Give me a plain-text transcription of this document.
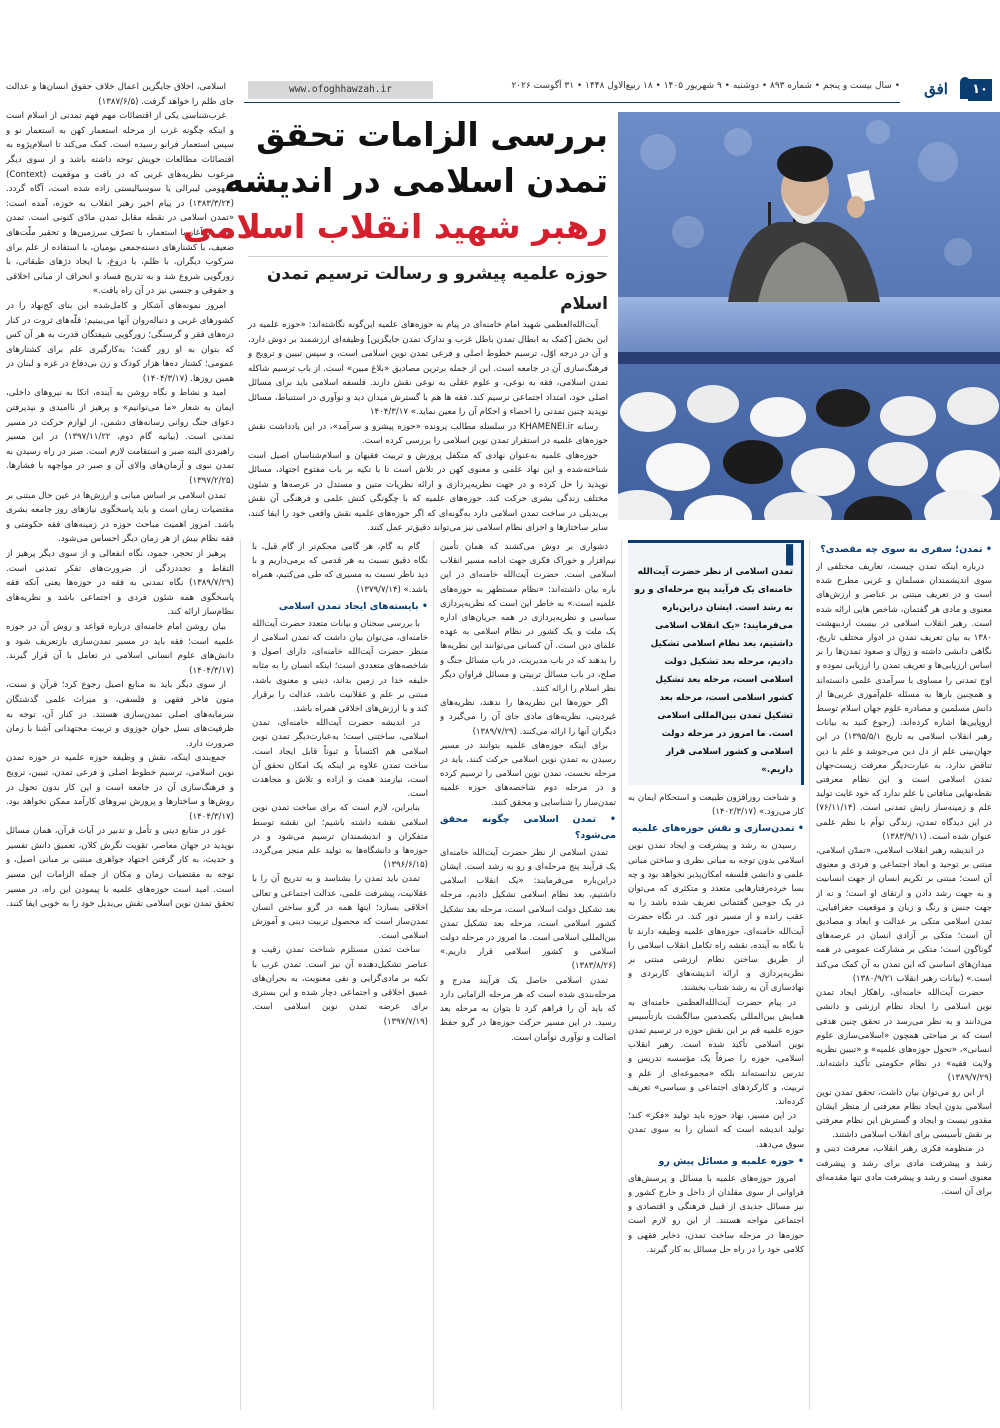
۱۰
افق
• سال بیست و پنجم • شماره ۸۹۳ • دوشنبه • ۹ شهریور ۱۴۰۵ • ۱۸ ربیع‌الاول ۱۴۴۸ • ۳۱ آگوست ۲۰۲۶
www.ofoghhawzah.ir

اسلامی، اخلاق جایگزین اعمال خلاف حقوق انسان‌ها و عدالت جای ظلم را خواهد گرفت. (۱۳۸۷/۶/۵)

غرب‌شناسی یکی از اقتضائات مهم فهم تمدنی از اسلام است و اینکه چگونه غرب از مرحله استعمار کهن به استعمار نو و سپس استعمار فرانو رسیده است. کمک می‌کند تا اسلام‌پژوه به اقتضائات مطالعات خویش توجه داشته باشد و از سوی دیگر مرغوب نظریه‌های غربی که در بافت و موقعیت (Context) مفهومی لیبرالی یا سوسیالیستی زاده شده است، آگاه گردد. (۱۳۸۳/۳/۲۴) در پیام اخیر رهبر انقلاب به حوزه، آمده است: «تمدن اسلامی در نقطه مقابل تمدن مادّی کنونی است. تمدن مادّی از آغاز با استعمار، با تصرّف سرزمین‌ها و تحقیر ملّت‌های ضعیف، با کشتارهای دسته‌جمعی بومیان، با استفاده از علم برای سرکوب دیگران، با ظلم، با دروغ، با ایجاد دژهای طبقاتی، با زورگویی شروع شد و به تدریج فساد و انحراف از مبانی اخلاقی و حقوقی و جنسی نیز در آن راه یافت.»

امروز نمونه‌های آشکار و کامل‌شده این بنای کج‌نهاد را در کشورهای غربی و دنباله‌روان آنها می‌بینیم: قلّه‌های ثروت در کنار دره‌های فقر و گرسنگی؛ زورگویی شیفتگان قدرت به هر آن کس که بتوان به او زور گفت؛ به‌کارگیری علم برای کشتارهای عمومی؛ کشتار ده‌ها هزار کودک و زن بی‌دفاع در غزه و لبنان در همین روزها. (۱۴۰۴/۳/۱۷)

امید و نشاط و نگاه روشن به آینده، اتکا به نیروهای داخلی، ایمان به شعار «ما می‌توانیم» و پرهیز از ناامیدی و نپذیرفتن دعوای جنگ روانی رسانه‌های دشمن، از لوازم حرکت در مسیر تمدنی است. (بیانیه گام دوم، ۱۳۹۷/۱۱/۲۲) در این مسیر راهبردی البته صبر و استقامت لازم است. صبر در راه رسیدن به تمدن نبوی و آرمان‌های والای آن و صبر در مواجهه با فشارها. (۱۳۹۷/۲/۲۵)

تمدن اسلامی بر اساس مبانی و ارزش‌ها در عین حال مبتنی بر مقتضیات زمان است و باید پاسخگوی نیازهای روز جامعه بشری باشد. امروز اهمیت مباحث حوزه در زمینه‌های فقه حکومتی و فقه نظام بیش از هر زمان دیگر احساس می‌شود.

پرهیز از تحجر، جمود، نگاه انفعالی و از سوی دیگر پرهیز از التقاط و تجددزدگی از ضرورت‌های تفکر تمدنی است. (۱۳۸۹/۷/۲۹) نگاه تمدنی به فقه در حوزه‌ها یعنی آنکه فقه پاسخگوی همه شئون فردی و اجتماعی باشد و نظریه‌های نظام‌ساز ارائه کند.

بیان روشن امام خامنه‌ای درباره قواعد و روش آن در حوزه علمیه است؛ فقه باید در مسیر تمدن‌سازی بازتعریف شود و دانش‌های علوم انسانی اسلامی در تعامل با آن قرار گیرند. (۱۴۰۴/۳/۱۷)

از سوی دیگر باید به منابع اصیل رجوع کرد؛ قرآن و سنت، متون فاخر فقهی و فلسفی، و میراث علمی گذشتگان سرمایه‌های اصلی تمدن‌سازی هستند. در کنار آن، توجه به ظرفیت‌های نسل جوان حوزوی و تربیت مجتهدانی آشنا با زمان ضرورت دارد.

جمع‌بندی اینکه، نقش و وظیفه حوزه علمیه در حوزه تمدن نوین اسلامی، ترسیم خطوط اصلی و فرعی تمدن، تبیین، ترویج و فرهنگ‌سازی آن در جامعه است و این کار بدون تحول در روش‌ها و ساختارها و پرورش نیروهای کارآمد ممکن نخواهد بود. (۱۴۰۴/۳/۱۷)

غور در منابع دینی و تأمل و تدبیر در آیات قرآن، همان مسائل نوپدید در جهان معاصر، تقویت نگرش کلان، تعمیق دانش تفسیر و حدیث، به کار گرفتن اجتهاد جواهری مبتنی بر مبانی اصیل، و توجه به مقتضیات زمان و مکان از جمله الزامات این مسیر است. امید است حوزه‌های علمیه با پیمودن این راه، در مسیر تحقق تمدن نوین اسلامی نقش بی‌بدیل خود را به خوبی ایفا کنند.

بررسی الزامات تحقق
تمدن اسلامی در اندیشه
رهبر شهید انقلاب اسلامی
حوزه علمیه پیشرو و رسالت ترسیم تمدن اسلام

آیت‌الله‌العظمی شهید امام خامنه‌ای در پیام به حوزه‌های علمیه این‌گونه نگاشته‌اند: «حوزه علمیه در این بخش [کمک به ابطال تمدن باطل غرب و تدارک تمدن جایگزین] وظیفه‌ای ارزشمند بر دوش دارد، و آن در درجه اوّل، ترسیم خطوط اصلی و فرعی تمدن نوین اسلامی است، و سپس تبیین و ترویج و فرهنگ‌سازی آن در جامعه است. این از جمله برترین مصادیق «بلاغ مبین» است. از باب ترسیم شاکله تمدن اسلامی، فقه به نوعی، و علوم عقلی به نوعی نقش دارند. فلسفه اسلامی باید برای مسائل اصلی خود، امتداد اجتماعی ترسیم کند. فقه ها هم با گسترش میدان دید و نوآوری در استنباط، مسائل نوپدید چنین تمدنی را احصاء و احکام آن را معین نماید.» ۱۴۰۴/۳/۱۷

رسانه KHAMENEI.ir در سلسله مطالب پرونده «حوزه پیشرو و سرآمد»، در این یادداشت نقش حوزه‌های علمیه در استقرار تمدن نوین اسلامی را بررسی کرده است.

حوزه‌های علمیه به‌عنوان نهادی که متکفل پرورش و تربیت فقیهان و اسلام‌شناسان اصیل است شناخته‌شده و این نهاد علمی و معنوی کهن در تلاش است تا با تکیه بر باب مفتوح اجتهاد، مسائل نوپدید را حل کرده و در جهت نظریه‌پردازی و ارائه نظریات متین و مستدل در عرصه‌ها و شئون مختلف زندگی بشری حرکت کند. حوزه‌های علمیه که با چگونگی کنش علمی و فرهنگی آن نقش بی‌بدیلی در ساخت تمدن اسلامی دارد به‌گونه‌ای که اگر حوزه‌های علمیه نقش واقعی خود را ایفا کنند، سایر ساختارها و اجزای نظام اسلامی نیز می‌تواند دقیق‌تر عمل کنند.

• تمدن؛ سفری به سوی چه مقصدی؟

درباره اینکه تمدن چیست، تعاریف مختلفی از سوی اندیشمندان مسلمان و غربی مطرح شده است و در تعریف مبتنی بر عناصر و ارزش‌های معنوی و مادی هر گفتمان، شاخص هایی ارائه شده است. رهبر انقلاب اسلامی در بیست اردیبهشت ۱۳۸۰ به بیان تعریف تمدن در ادوار مختلف تاریخ، نگاهی دانشی داشته و زوال و صعود تمدن‌ها را بر اساس ارزیابی‌ها و تعریف تمدن را ارزیابی نموده و اوج تمدنی را مساوی با سرآمدی علمی دانسته‌اند و همچنین بارها به مسئله علم‌آموزی غربی‌ها از دانش مسلمین و مصادره علوم جهان اسلام توسط اروپایی‌ها اشاره کرده‌اند. (رجوع کنید به بیانات رهبر انقلاب اسلامی به تاریخ ۱۳۹۵/۵/۱) در این جهان‌بینی علم از دل دین می‌جوشد و علم با دین تناقض ندارد. به عبارت‌دیگر معرفت زیست‌جهان تمدن اسلامی است و این نظام معرفتی نقطه‌نهایی منافاتی با علم ندارد که خود غایت تولید علم و زمینه‌ساز زایش تمدنی است. (۷۶/۱۱/۱۴) در این دیدگاه تمدن، زندگی توأم با نظم علمی عنوان شده است. (۱۳۸۳/۹/۱۱)

در اندیشه رهبر انقلاب اسلامی، «تمدّن اسلامی، مبتنی بر توحید و ابعاد اجتماعی و فردی و معنوی آن است؛ مبتنی بر تکریم انسان از جهت انسانیت و به جهت رشد دادن و ارتقای او است؛ و نه از جهت جنس و رنگ و زبان و موقعیت جغرافیایی. تمدن اسلامی متکی بر عدالت و ابعاد و مصادیق آن است؛ متکی بر آزادی انسان در عرصه‌های گوناگون است؛ متکی بر مشارکت عمومی در همه میدان‌های اساسی که این تمدن به آن کمک می‌کند است.» (بیانات رهبر انقلاب ۱۳۸۰/۹/۲۱)

حضرت آیت‌الله خامنه‌ای، راهکار ایجاد تمدن نوین اسلامی را ایجاد نظام ارزشی و دانشی می‌دانند و به نظر می‌رسد در تحقق چنین هدفی است که بر مباحثی همچون «اسلامی‌سازی علوم انسانی»، «تحول حوزه‌های علمیه» و «تبیین نظریه ولایت فقیه» در نظام حکومتی تأکید داشته‌اند. (۱۳۸۹/۷/۲۹)

از این رو می‌توان بیان داشت، تحقق تمدن نوین اسلامی بدون ایجاد نظام معرفتی از منظر ایشان مقدور نیست و ایجاد و گسترش این نظام معرفتی بر نقش تأسیسی برای انقلاب اسلامی داشتند.

در منظومه فکری رهبر انقلاب، معرفت دینی و رشد و پیشرفت مادی برای رشد و پیشرفت معنوی است و رشد و پیشرفت مادی تنها مقدمه‌ای برای آن است.

▐

تمدن اسلامی از نظر حضرت آیت‌الله خامنه‌ای یک فرآیند پنج مرحله‌ای و رو به رشد است. ایشان دراین‌باره می‌فرمایند: «یک انقلاب اسلامی داشتیم، بعد نظام اسلامی تشکیل دادیم، مرحله بعد تشکیل دولت اسلامی است، مرحله بعد تشکیل کشور اسلامی است، مرحله بعد تشکیل تمدن بین‌المللی اسلامی است. ما امروز در مرحله دولت اسلامی و کشور اسلامی قرار داریم.»

و شناخت روزافزون طبیعت و استحکام ایمان به کار می‌رود.» (۱۴۰۲/۳/۱۷)

• تمدن‌سازی و نقش حوزه‌های علمیه

رسیدن به رشد و پیشرفت و ایجاد تمدن نوین اسلامی بدون توجه به مبانی نظری و ساختن مبانی علمی و دانشی فلسفه امکان‌پذیر نخواهد بود و چه بسا خرده‌رفتارهایی متعدد و متکثری که می‌توان در یک جوجین گفتمانی تعریف شده باشد را به عقب رانده و از مسیر دور کند. در نگاه حضرت آیت‌الله خامنه‌ای، حوزه‌های علمیه وظیفه دارند تا با نگاه به آینده، نقشه راه تکامل انقلاب اسلامی را از طریق ساختن نظام ارزشی مبتنی بر نظریه‌پردازی و ارائه اندیشه‌های کاربردی و نهادسازی آن به رشد شتاب بخشند.

در پیام حضرت آیت‌الله‌العظمی خامنه‌ای به همایش بین‌المللی یکصدمین سالگشت بازتأسیس حوزه علمیه قم بر این نقش حوزه در ترسیم تمدن نوین اسلامی تأکید شده است. رهبر انقلاب اسلامی، حوزه را صرفاً یک مؤسسه تدریس و تدرس ندانسته‌اند بلکه «مجموعه‌ای از علم و تربیت، و کارکردهای اجتماعی و سیاسی» تعریف کرده‌اند.

در این مسیر، نهاد حوزه باید تولید «فکر» کند؛ تولید اندیشه است که انسان را به سوی تمدن سوق می‌دهد.

• حوزه علمیه و مسائل پیش رو

امروز حوزه‌های علمیه با مسائل و پرسش‌های فراوانی از سوی مقلدان از داخل و خارج کشور و نیز مسائل جدیدی از قبیل فرهنگی و اقتصادی و اجتماعی مواجه هستند. از این رو لازم است حوزه‌ها در مرحله ساخت تمدن، ذخایر فقهی و کلامی خود را در راه حل مسائل به کار گیرند.

دشواری بر دوش می‌کشند که همان تأمین نیم‌افزار و خوراک فکری جهت ادامه مسیر انقلاب اسلامی است. حضرت آیت‌الله خامنه‌ای در این باره بیان داشته‌اند: «نظام مستظهر به حوزه‌های علمیه است.» به خاطر این است که نظریه‌پردازی سیاسی و نظریه‌پردازی در همه جریان‌های اداره یک ملت و یک کشور در نظام اسلامی به عهده علمای دین است. آن کسانی می‌توانند این نظریه‌ها را بدهند که در باب مدیریت، در باب مسائل جنگ و صلح، در باب مسائل تربیتی و مسائل فراوان دیگر نظر اسلام را ارائه کنند.

اگر حوزه‌ها این نظریه‌ها را ندهند، نظریه‌های غیردینی، نظریه‌های مادی جای آن را می‌گیرد و دیگران آنها را ارائه می‌کنند. (۱۳۸۹/۷/۲۹)

برای اینکه حوزه‌های علمیه بتوانند در مسیر رسیدن به تمدن نوین اسلامی حرکت کنند، باید در مرحله نخست، تمدن نوین اسلامی را ترسیم کرده و در مرحله دوم شاخصه‌های حوزه علمیه تمدن‌ساز را شناسایی و محقق کنند.

• تمدن اسلامی چگونه محقق می‌شود؟

تمدن اسلامی از نظر حضرت آیت‌الله خامنه‌ای یک فرآیند پنج مرحله‌ای و رو به رشد است. ایشان دراین‌باره می‌فرمایند: «یک انقلاب اسلامی داشتیم، بعد نظام اسلامی تشکیل دادیم، مرحله بعد تشکیل دولت اسلامی است، مرحله بعد تشکیل کشور اسلامی است، مرحله بعد تشکیل تمدن بین‌المللی اسلامی است. ما امروز در مرحله دولت اسلامی و کشور اسلامی قرار داریم.» (۱۳۸۳/۸/۲۶)

تمدن اسلامی حاصل یک فرآیند مدرج و مرحله‌بندی شده است که هر مرحله الزاماتی دارد که باید آن را فراهم کرد تا بتوان به مرحله بعد رسید. در این مسیر حرکت حوزه‌ها در گرو حفظ اصالت و نوآوری توأمان است.

گام به گام، هر گامی محکم‌تر از گام قبل، با نگاه دقیق نسبت به هر قدمی که برمی‌داریم و با دید ناظر نسبت به مسیری که طی می‌کنیم، همراه باشد.» (۱۳۷۹/۷/۱۴)

• بایسته‌های ایجاد تمدن اسلامی

با بررسی سخنان و بیانات متعدد حضرت آیت‌الله خامنه‌ای، می‌توان بیان داشت که تمدن اسلامی از منظر حضرت آیت‌الله خامنه‌ای، دارای اصول و شاخصه‌های متعددی است؛ اینکه انسان را به مثابه خلیفه خدا در زمین بداند، دینی و معنوی باشد، مبتنی بر علم و عقلانیت باشد، عدالت را برقرار کند و با ارزش‌های اخلاقی همراه باشد.

در اندیشه حضرت آیت‌الله خامنه‌ای، تمدن اسلامی، ساختنی است؛ به‌عبارت‌دیگر تمدن نوین اسلامی هم اکتساباً و ثبوتاً قابل ایجاد است. ساخت تمدن علاوه بر اینکه یک امکان تحقق آن است، نیازمند همت و اراده و تلاش و مجاهدت است.

بنابراین، لازم است که برای ساخت تمدن نوین اسلامی نقشه داشته باشیم؛ این نقشه توسط متفکران و اندیشمندان ترسیم می‌شود و در حوزه‌ها و دانشگاه‌ها به تولید علم منجر می‌گردد. (۱۳۹۶/۶/۱۵)

تمدن باید تمدن را بشناسد و به تدریج آن را با عقلانیت، پیشرفت علمی، عدالت اجتماعی و تعالی اخلاقی بسازد؛ اینها همه در گرو ساختن انسان تمدن‌ساز است که محصول تربیت دینی و آموزش اسلامی است.

ساخت تمدن مستلزم شناخت تمدن رقیب و عناصر تشکیل‌دهنده آن نیز است. تمدن غرب با تکیه بر مادی‌گرایی و نفی معنویت، به بحران‌های عمیق اخلاقی و اجتماعی دچار شده و این بستری برای عرضه تمدن نوین اسلامی است. (۱۳۹۷/۷/۱۹)
